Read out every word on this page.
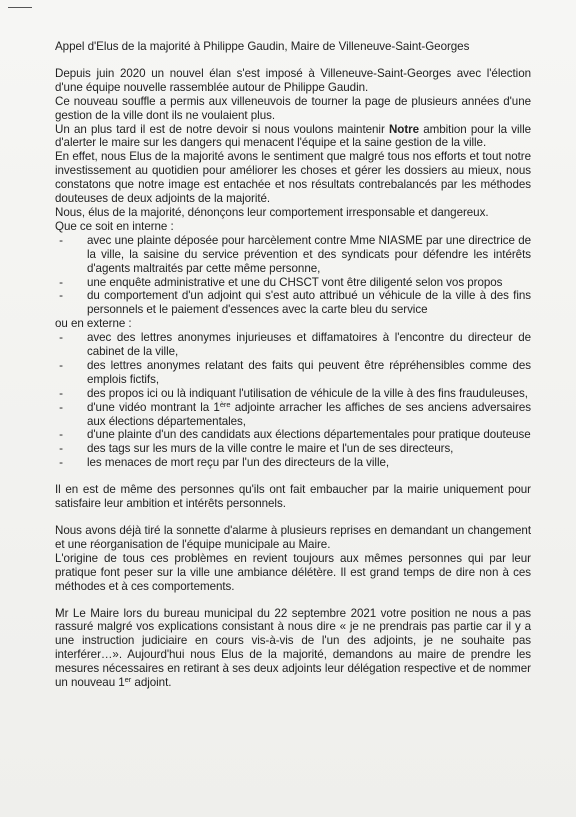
Appel d'Elus de la majorité à Philippe Gaudin, Maire de Villeneuve-Saint-Georges

Depuis juin 2020 un nouvel élan s'est imposé à Villeneuve-Saint-Georges avec l'élection d'une équipe nouvelle rassemblée autour de Philippe Gaudin.

Ce nouveau souffle a permis aux villeneuvois de tourner la page de plusieurs années d'une gestion de la ville dont ils ne voulaient plus.

Un an plus tard il est de notre devoir si nous voulons maintenir Notre ambition pour la ville d'alerter le maire sur les dangers qui menacent l'équipe et la saine gestion de la ville.

En effet, nous Elus de la majorité avons le sentiment que malgré tous nos efforts et tout notre investissement au quotidien pour améliorer les choses et gérer les dossiers au mieux, nous constatons que notre image est entachée et nos résultats contrebalancés par les méthodes douteuses de deux adjoints de la majorité.

Nous, élus de la majorité, dénonçons leur comportement irresponsable et dangereux.

Que ce soit en interne :

- avec une plainte déposée pour harcèlement contre Mme NIASME par une directrice de la ville, la saisine du service prévention et des syndicats pour défendre les intérêts d'agents maltraités par cette même personne,
- une enquête administrative et une du CHSCT vont être diligenté selon vos propos
- du comportement d'un adjoint qui s'est auto attribué un véhicule de la ville à des fins personnels et le paiement d'essences avec la carte bleu du service

ou en externe :

- avec des lettres anonymes injurieuses et diffamatoires à l'encontre du directeur de cabinet de la ville,
- des lettres anonymes relatant des faits qui peuvent être répréhensibles comme des emplois fictifs,
- des propos ici ou là indiquant l'utilisation de véhicule de la ville à des fins frauduleuses,
- d'une vidéo montrant la 1ère adjointe arracher les affiches de ses anciens adversaires aux élections départementales,
- d'une plainte d'un des candidats aux élections départementales pour pratique douteuse
- des tags sur les murs de la ville contre le maire et l'un de ses directeurs,
- les menaces de mort reçu par l'un des directeurs de la ville,

Il en est de même des personnes qu'ils ont fait embaucher par la mairie uniquement pour satisfaire leur ambition et intérêts personnels.

Nous avons déjà tiré la sonnette d'alarme à plusieurs reprises en demandant un changement et une réorganisation de l'équipe municipale au Maire.

L'origine de tous ces problèmes en revient toujours aux mêmes personnes qui par leur pratique font peser sur la ville une ambiance délétère. Il est grand temps de dire non à ces méthodes et à ces comportements.

Mr Le Maire lors du bureau municipal du 22 septembre 2021 votre position ne nous a pas rassuré malgré vos explications consistant à nous dire « je ne prendrais pas partie car il y a une instruction judiciaire en cours vis-à-vis de l'un des adjoints, je ne souhaite pas interférer…». Aujourd'hui nous Elus de la majorité, demandons au maire de prendre les mesures nécessaires en retirant à ses deux adjoints leur délégation respective et de nommer un nouveau 1er adjoint.
